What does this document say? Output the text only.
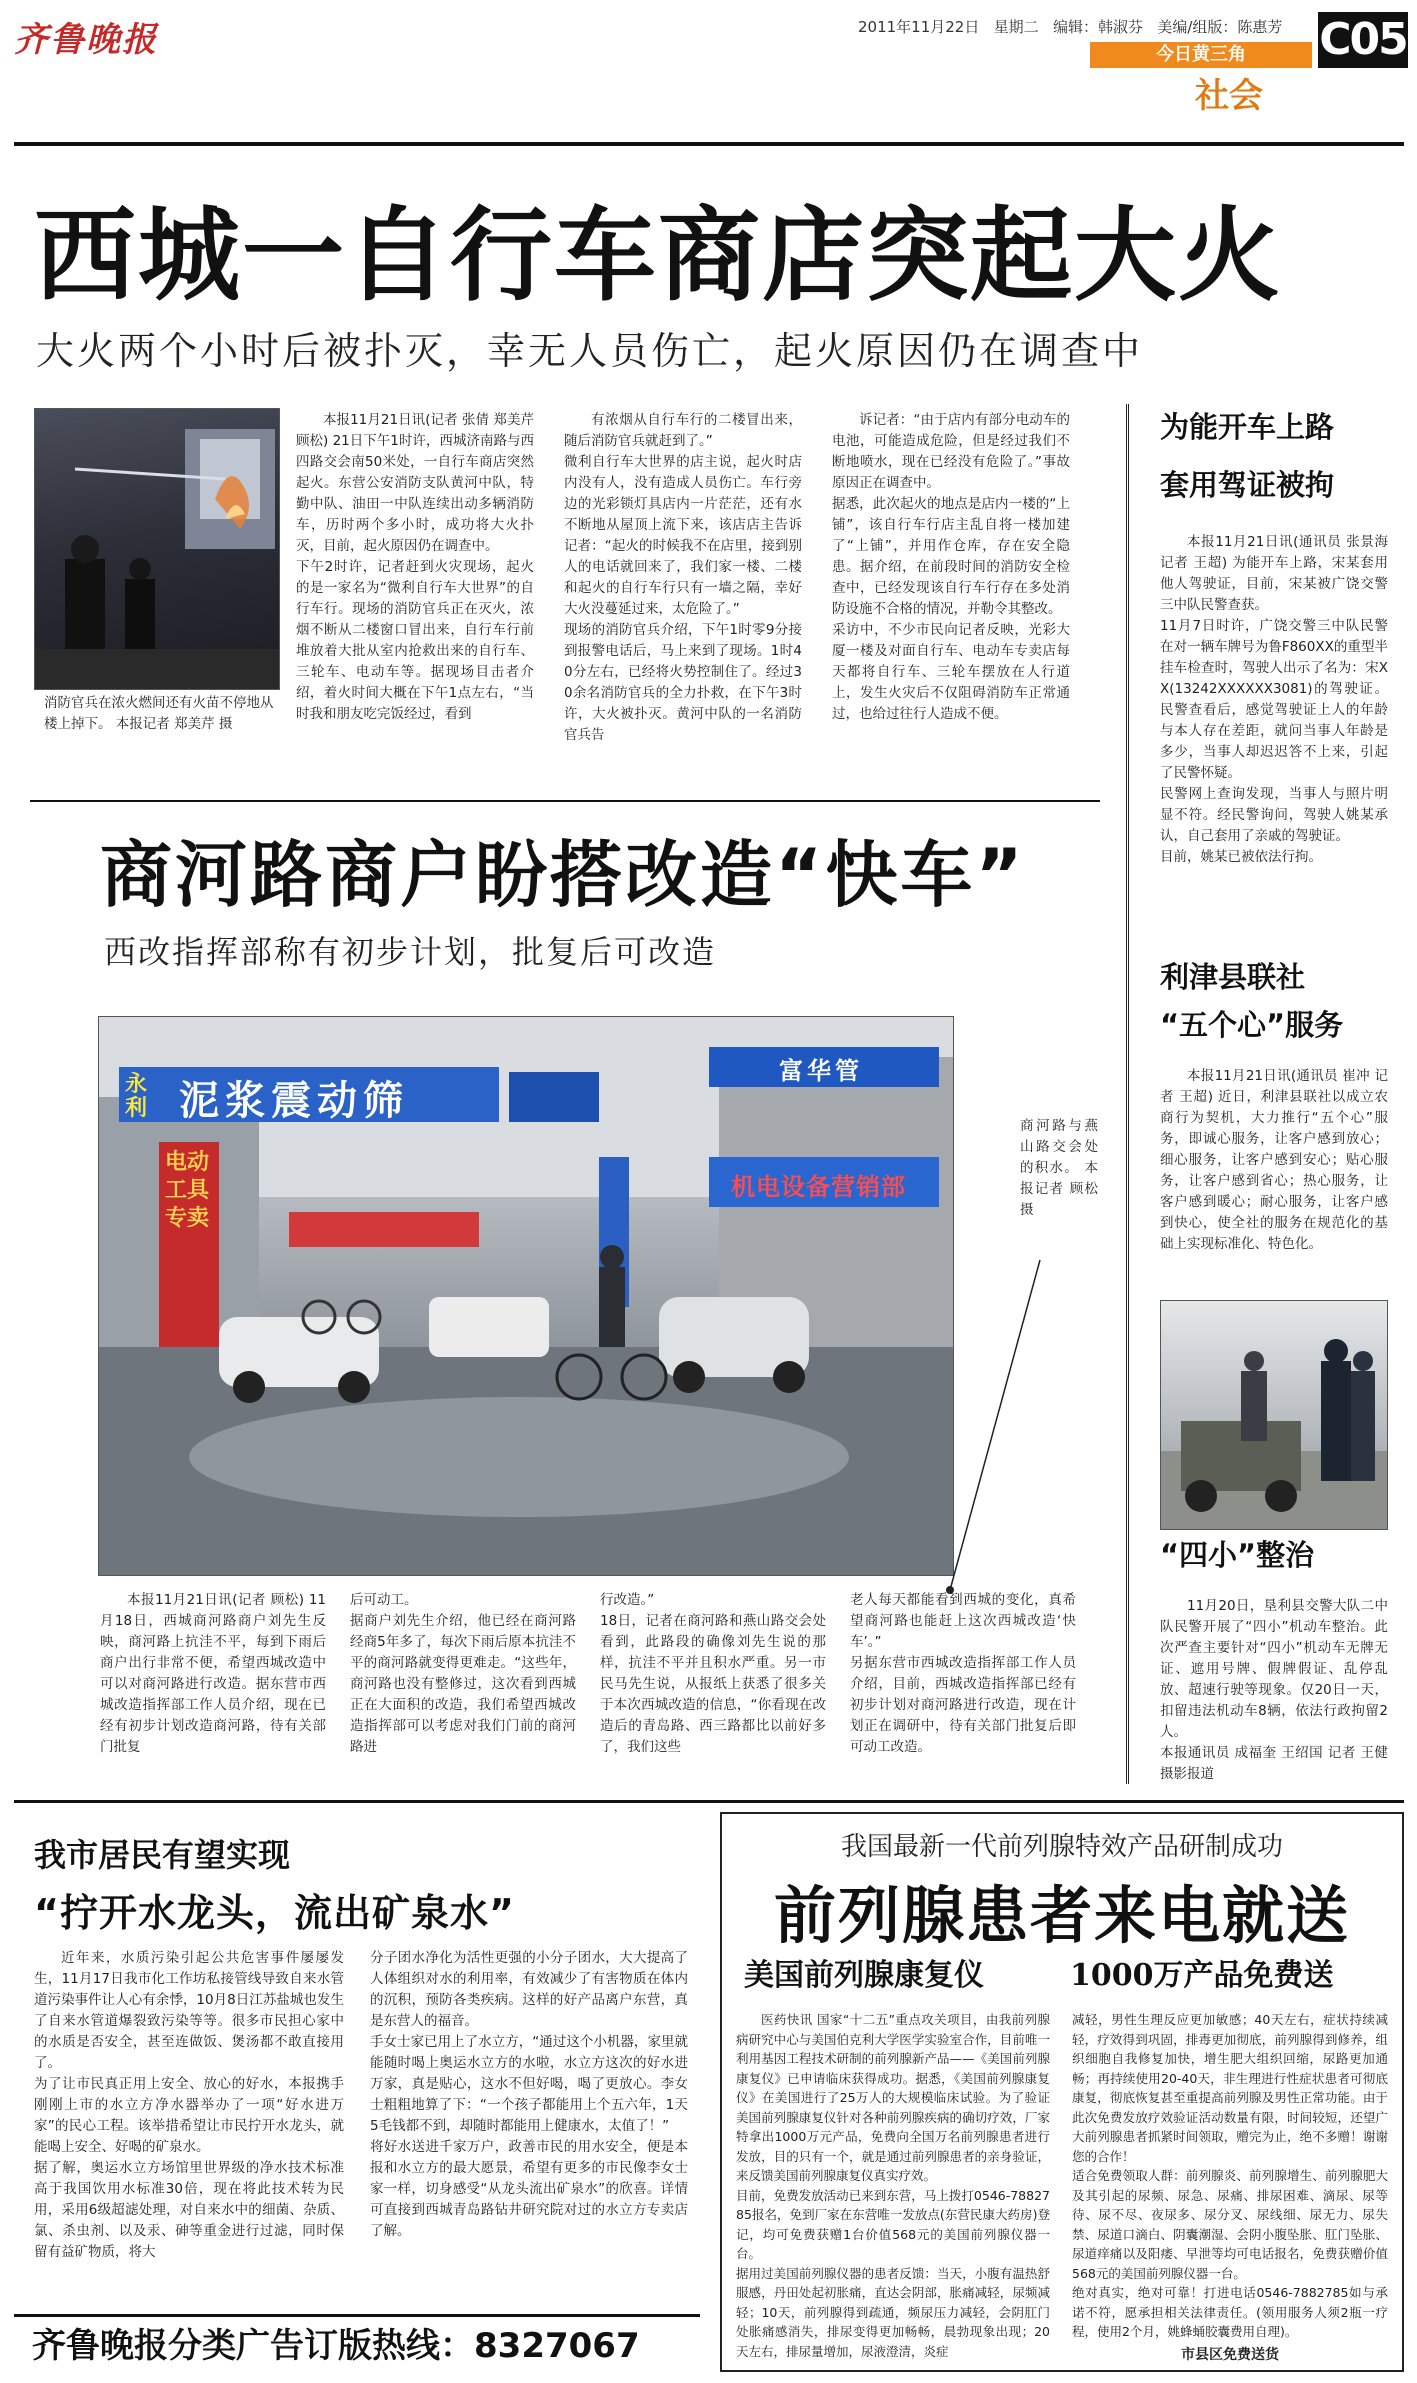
齐鲁晚报	2011年11月22日 星期二 编辑：韩淑芬 美编/组版：陈惠芳
今日黄三角
社会
C05
西城一自行车商店突起大火
大火两个小时后被扑灭，幸无人员伤亡，起火原因仍在调查中
消防官兵在浓火燃间还有火苗不停地从楼上掉下。 本报记者 郑美芹 摄
本报11月21日讯(记者 张倩 郑美芹 顾松) 21日下午1时许，西城济南路与西四路交会南50米处，一自行车商店突然起火。东营公安消防支队黄河中队，特勤中队、油田一中队连续出动多辆消防车，历时两个多小时，成功将大火扑灭，目前，起火原因仍在调查中。
下午2时许，记者赶到火灾现场，起火的是一家名为“微利自行车大世界”的自行车行。现场的消防官兵正在灭火，浓烟不断从二楼窗口冒出来，自行车行前堆放着大批从室内抢救出来的自行车、三轮车、电动车等。据现场目击者介绍，着火时间大概在下午1点左右，“当时我和朋友吃完饭经过，看到
有浓烟从自行车行的二楼冒出来，随后消防官兵就赶到了。”
微利自行车大世界的店主说，起火时店内没有人，没有造成人员伤亡。车行旁边的光彩锁灯具店内一片茫茫，还有水不断地从屋顶上流下来，该店店主告诉记者：“起火的时候我不在店里，接到别人的电话就回来了，我们家一楼、二楼和起火的自行车行只有一墙之隔，幸好大火没蔓延过来，太危险了。”
现场的消防官兵介绍，下午1时零9分接到报警电话后，马上来到了现场。1时40分左右，已经将火势控制住了。经过30余名消防官兵的全力扑救，在下午3时许，大火被扑灭。黄河中队的一名消防官兵告
诉记者：“由于店内有部分电动车的电池，可能造成危险，但是经过我们不断地喷水，现在已经没有危险了。”事故原因正在调查中。
据悉，此次起火的地点是店内一楼的“上铺”，该自行车行店主乱自将一楼加建了“上铺”，并用作仓库，存在安全隐患。据介绍，在前段时间的消防安全检查中，已经发现该自行车行存在多处消防设施不合格的情况，并勒令其整改。
采访中，不少市民向记者反映，光彩大厦一楼及对面自行车、电动车专卖店每天都将自行车、三轮车摆放在人行道上，发生火灾后不仅阻碍消防车正常通过，也给过往行人造成不便。
商河路商户盼搭改造“快车”
西改指挥部称有初步计划，批复后可改造
泥浆震动筛
永利
富华管
机电设备营销部
电动工具专卖
商河路与燕山路交会处的积水。 本报记者 顾松 摄
本报11月21日讯(记者 顾松) 11月18日，西城商河路商户刘先生反映，商河路上抗洼不平，每到下雨后商户出行非常不便，希望西城改造中可以对商河路进行改造。据东营市西城改造指挥部工作人员介绍，现在已经有初步计划改造商河路，待有关部门批复
后可动工。
据商户刘先生介绍，他已经在商河路经商5年多了，每次下雨后原本抗洼不平的商河路就变得更难走。“这些年，商河路也没有整修过，这次看到西城正在大面积的改造，我们希望西城改造指挥部可以考虑对我们门前的商河路进
行改造。”
18日，记者在商河路和燕山路交会处看到，此路段的确像刘先生说的那样，抗洼不平并且积水严重。另一市民马先生说，从报纸上获悉了很多关于本次西城改造的信息，“你看现在改造后的青岛路、西三路都比以前好多了，我们这些
老人每天都能看到西城的变化，真希望商河路也能赶上这次西城改造‘快车’。”
另据东营市西城改造指挥部工作人员介绍，目前，西城改造指挥部已经有初步计划对商河路进行改造，现在计划正在调研中，待有关部门批复后即可动工改造。
为能开车上路
套用驾证被拘
本报11月21日讯(通讯员 张景海 记者 王超) 为能开车上路，宋某套用他人驾驶证，目前，宋某被广饶交警三中队民警查获。
11月7日时许，广饶交警三中队民警在对一辆车牌号为鲁F860XX的重型半挂车检查时，驾驶人出示了名为：宋XX(13242XXXXXX3081)的驾驶证。民警查看后，感觉驾驶证上人的年龄与本人存在差距，就问当事人年龄是多少，当事人却迟迟答不上来，引起了民警怀疑。
民警网上查询发现，当事人与照片明显不符。经民警询问，驾驶人姚某承认，自己套用了亲戚的驾驶证。
目前，姚某已被依法行拘。
利津县联社
“五个心”服务
本报11月21日讯(通讯员 崔冲 记者 王超) 近日，利津县联社以成立农商行为契机，大力推行“五个心”服务，即诚心服务，让客户感到放心；细心服务，让客户感到安心；贴心服务，让客户感到省心；热心服务，让客户感到暖心；耐心服务，让客户感到快心，使全社的服务在规范化的基础上实现标准化、特色化。
“四小”整治
11月20日，垦利县交警大队二中队民警开展了“四小”机动车整治。此次严查主要针对“四小”机动车无牌无证、遮用号牌、假牌假证、乱停乱放、超速行驶等现象。仅20日一天，扣留违法机动车8辆，依法行政拘留2人。
本报通讯员 成福奎 王绍国 记者 王健 摄影报道
我市居民有望实现
“拧开水龙头，流出矿泉水”
近年来，水质污染引起公共危害事件屡屡发生，11月17日我市化工作坊私接管线导致自来水管道污染事件让人心有余悸，10月8日江苏盐城也发生了自来水管道爆裂致污染等等。很多市民担心家中的水质是否安全，甚至连做饭、煲汤都不敢直接用了。
为了让市民真正用上安全、放心的好水，本报携手刚刚上市的水立方净水器举办了一项“好水进万家”的民心工程。该举措希望让市民拧开水龙头，就能喝上安全、好喝的矿泉水。
据了解，奥运水立方场馆里世界级的净水技术标准高于我国饮用水标准30倍，现在将此技术转为民用，采用6级超滤处理，对自来水中的细菌、杂质、氯、杀虫剂、以及汞、砷等重金进行过滤，同时保留有益矿物质，将大
分子团水净化为活性更强的小分子团水，大大提高了人体组织对水的利用率，有效减少了有害物质在体内的沉积，预防各类疾病。这样的好产品离户东营，真是东营人的福音。
手女士家已用上了水立方，“通过这个小机器，家里就能随时喝上奥运水立方的水啦，水立方这次的好水进万家，真是贴心，这水不但好喝，喝了更放心。李女士粗粗地算了下：“一个孩子都能用上个五六年，1天5毛钱都不到，却随时都能用上健康水，太值了！”
将好水送进千家万户，政善市民的用水安全，便是本报和水立方的最大愿景，希望有更多的市民像李女士家一样，切身感受“从龙头流出矿泉水”的欣喜。详情可直接到西城青岛路钻井研究院对过的水立方专卖店了解。
齐鲁晚报分类广告订版热线：8327067
我国最新一代前列腺特效产品研制成功
前列腺患者来电就送
美国前列腺康复仪	1000万产品免费送
医药快讯 国家“十二五”重点攻关项目，由我前列腺病研究中心与美国伯克利大学医学实验室合作，目前唯一利用基因工程技术研制的前列腺新产品——《美国前列腺康复仪》已申请临床获得成功。据悉，《美国前列腺康复仪》在美国进行了25万人的大规模临床试验。为了验证美国前列腺康复仪针对各种前列腺疾病的确切疗效，厂家特拿出1000万元产品，免费向全国万名前列腺患者进行发放，目的只有一个，就是通过前列腺患者的亲身验证，来反馈美国前列腺康复仪真实疗效。
目前，免费发放活动已来到东营，马上拨打0546-7882785报名，免到厂家在东营唯一发放点(东营民康大药房)登记，均可免费获赠1台价值568元的美国前列腺仪器一台。
据用过美国前列腺仪器的患者反馈：当天，小腹有温热舒服感，丹田处起初胀痛，直达会阴部，胀痛减轻，尿频减轻；10天，前列腺得到疏通，频尿压力减轻，会阴肛门处胀痛感消失，排尿变得更加畅畅，晨勃现象出现；20天左右，排尿量增加，尿液澄清，炎症
减轻，男性生理反应更加敏感；40天左右，症状持续减轻，疗效得到巩固，排毒更加彻底，前列腺得到修养，组织细胞自我修复加快，增生肥大组织回缩，尿路更加通畅；再持续使用20-40天，非生理进行性症状患者可彻底康复，彻底恢复甚至重提高前列腺及男性正常功能。由于此次免费发放疗效验证活动数量有限，时间较短，还望广大前列腺患者抓紧时间领取，赠完为止，绝不多赠！谢谢您的合作！
适合免费领取人群：前列腺炎、前列腺增生、前列腺肥大及其引起的尿频、尿急、尿痛、排尿困难、滴尿、尿等待、尿不尽、夜尿多、尿分叉、尿线细、尿无力、尿失禁、尿道口滴白、阴囊潮湿、会阴小腹坠胀、肛门坠胀、尿道痒痛以及阳痿、早泄等均可电话报名，免费获赠价值568元的美国前列腺仪器一台。
绝对真实，绝对可靠！打进电话0546-7882785如与承诺不符，愿承担相关法律责任。(领用服务人须2瓶一疗程，使用2个月，姚蜂蛹胶囊费用自理)。
市县区免费送货
